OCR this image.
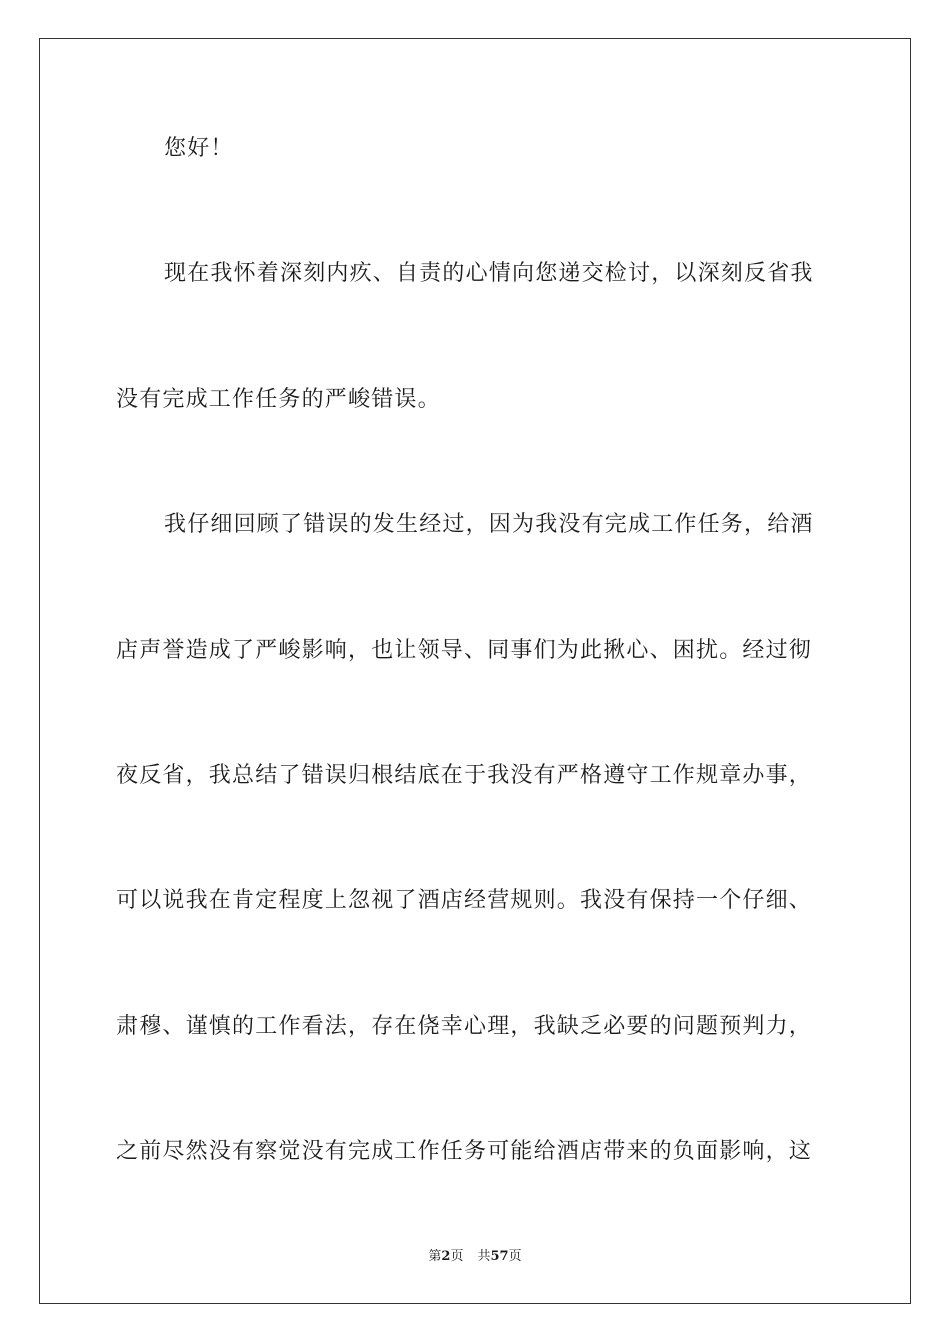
您好！
现在我怀着深刻内疚、自责的心情向您递交检讨，以深刻反省我
没有完成工作任务的严峻错误。
我仔细回顾了错误的发生经过，因为我没有完成工作任务，给酒
店声誉造成了严峻影响，也让领导、同事们为此揪心、困扰。经过彻
夜反省，我总结了错误归根结底在于我没有严格遵守工作规章办事，
可以说我在肯定程度上忽视了酒店经营规则。我没有保持一个仔细、
肃穆、谨慎的工作看法，存在侥幸心理，我缺乏必要的问题预判力，
之前尽然没有察觉没有完成工作任务可能给酒店带来的负面影响，这
第2页 共57页
